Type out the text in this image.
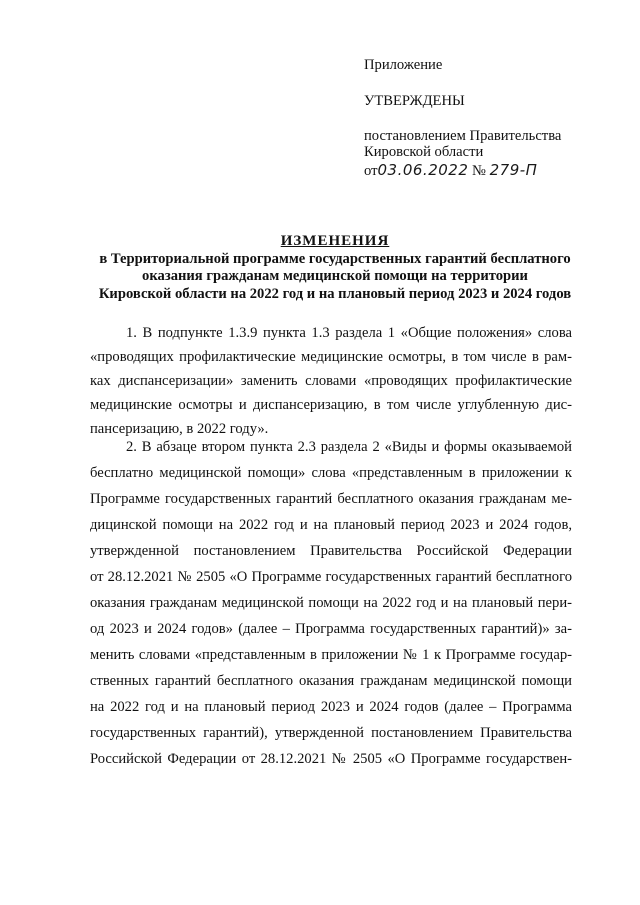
Приложение
УТВЕРЖДЕНЫ
постановлением Правительства
Кировской области
от03.06.2022 № 279-П
ИЗМЕНЕНИЯ
в Территориальной программе государственных гарантий бесплатного
оказания гражданам медицинской помощи на территории
Кировской области на 2022 год и на плановый период 2023 и 2024 годов
1. В подпункте 1.3.9 пункта 1.3 раздела 1 «Общие положения» слова
«проводящих профилактические медицинские осмотры, в том числе в рам-
ках диспансеризации» заменить словами «проводящих профилактические
медицинские осмотры и диспансеризацию, в том числе углубленную дис-
пансеризацию, в 2022 году».
2. В абзаце втором пункта 2.3 раздела 2 «Виды и формы оказываемой
бесплатно медицинской помощи» слова «представленным в приложении к
Программе государственных гарантий бесплатного оказания гражданам ме-
дицинской помощи на 2022 год и на плановый период 2023 и 2024 годов,
утвержденной постановлением Правительства Российской Федерации
от 28.12.2021 № 2505 «О Программе государственных гарантий бесплатного
оказания гражданам медицинской помощи на 2022 год и на плановый пери-
од 2023 и 2024 годов» (далее – Программа государственных гарантий)» за-
менить словами «представленным в приложении № 1 к Программе государ-
ственных гарантий бесплатного оказания гражданам медицинской помощи
на 2022 год и на плановый период 2023 и 2024 годов (далее – Программа
государственных гарантий), утвержденной постановлением Правительства
Российской Федерации от 28.12.2021 № 2505 «О Программе государствен-
